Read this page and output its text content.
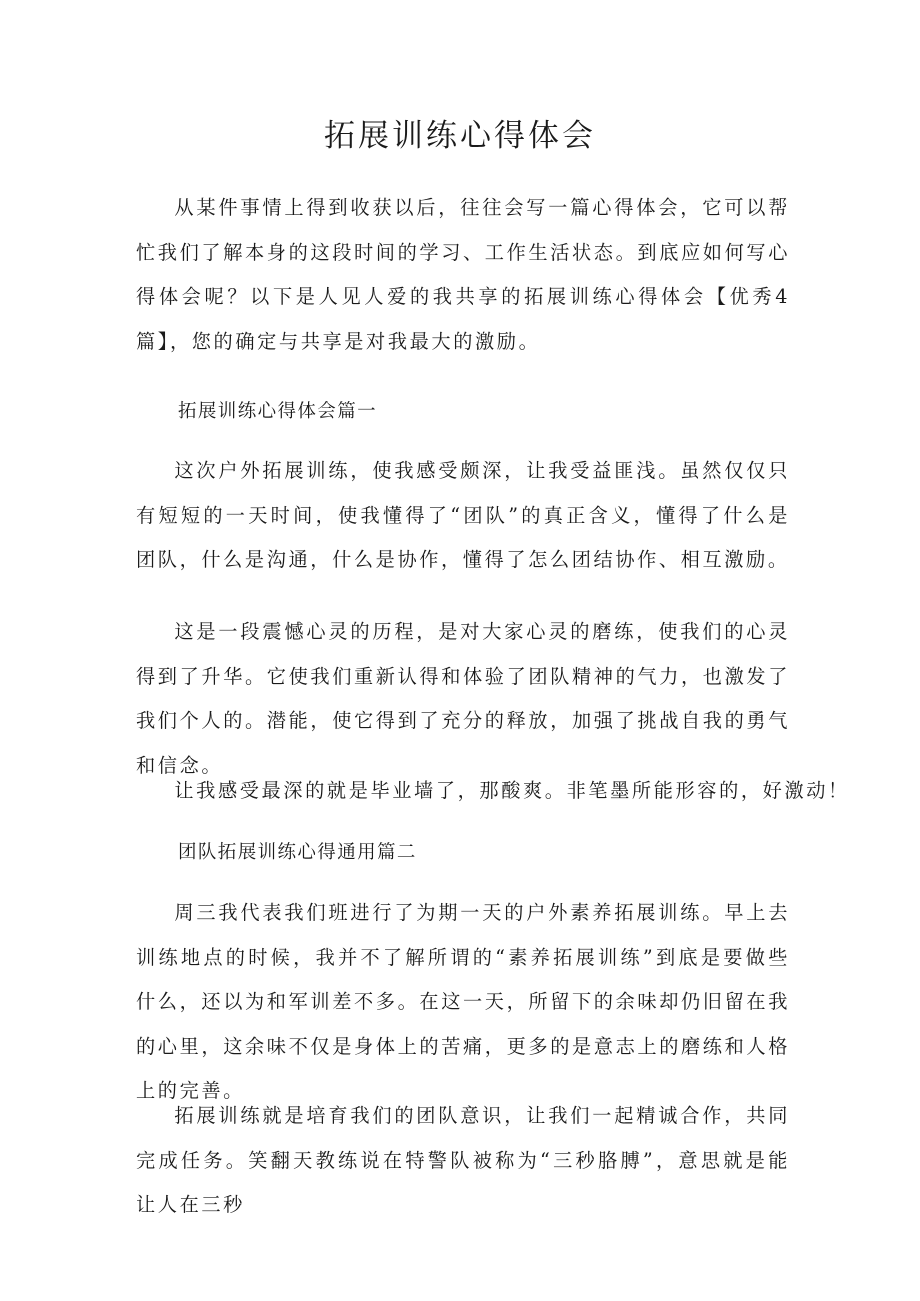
拓展训练心得体会

从某件事情上得到收获以后，往往会写一篇心得体会，它可以帮忙我们了解本身的这段时间的学习、工作生活状态。到底应如何写心得体会呢？以下是人见人爱的我共享的拓展训练心得体会【优秀4篇】，您的确定与共享是对我最大的激励。

拓展训练心得体会篇一

这次户外拓展训练，使我感受颇深，让我受益匪浅。虽然仅仅只有短短的一天时间，使我懂得了“团队”的真正含义，懂得了什么是团队，什么是沟通，什么是协作，懂得了怎么团结协作、相互激励。

这是一段震憾心灵的历程，是对大家心灵的磨练，使我们的心灵得到了升华。它使我们重新认得和体验了团队精神的气力，也激发了我们个人的。潜能，使它得到了充分的释放，加强了挑战自我的勇气和信念。

让我感受最深的就是毕业墙了，那酸爽。非笔墨所能形容的，好激动！

团队拓展训练心得通用篇二

周三我代表我们班进行了为期一天的户外素养拓展训练。早上去训练地点的时候，我并不了解所谓的“素养拓展训练”到底是要做些什么，还以为和军训差不多。在这一天，所留下的余味却仍旧留在我的心里，这余味不仅是身体上的苦痛，更多的是意志上的磨练和人格上的完善。

拓展训练就是培育我们的团队意识，让我们一起精诚合作，共同完成任务。笑翻天教练说在特警队被称为“三秒胳膊”，意思就是能让人在三秒
